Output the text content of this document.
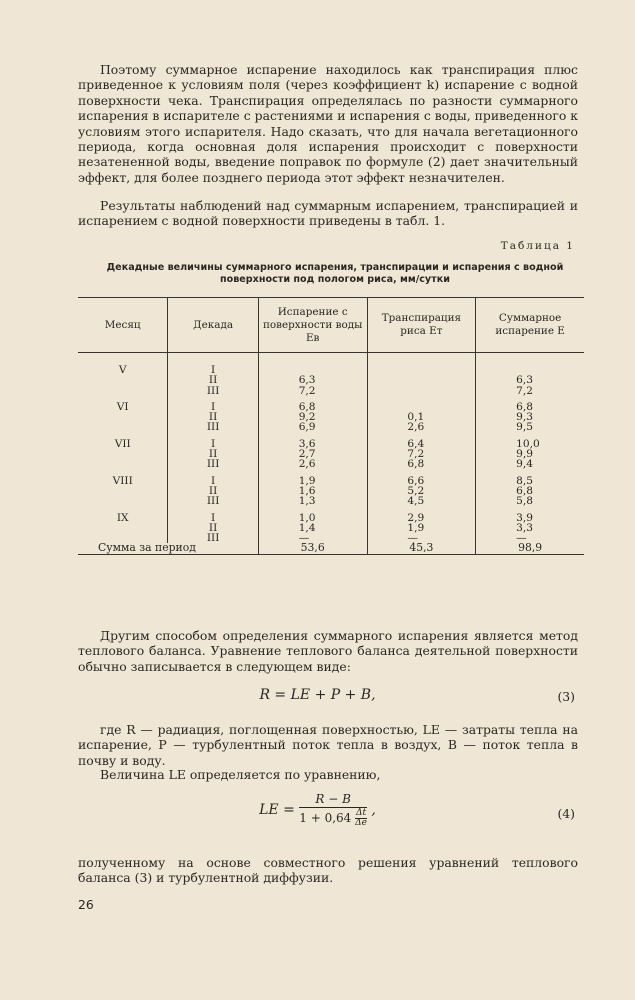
Поэтому суммарное испарение находилось как транспирация плюс приведенное к условиям поля (через коэффициент k) испарение с водной поверхности чека. Транспирация определялась по разности суммарного испарения в испарителе с растениями и испарения с воды, приведенного к условиям этого испарителя. Надо сказать, что для начала вегетационного периода, когда основная доля испарения происходит с поверхности незатененной воды, введение поправок по формуле (2) дает значительный эффект, для более позднего периода этот эффект незначителен.

Результаты наблюдений над суммарным испарением, транспирацией и испарением с водной поверхности приведены в табл. 1.

Таблица 1
Декадные величины суммарного испарения, транспирации и испарения с водной поверхности под пологом риса, мм/сутки
Месяц	Декада	Испарение с поверхности воды Eв	Транспирация риса Eт	Суммарное испарение E

V	I			
	II	6,3		6,3
	III	7,2		7,2
VI	I	6,8		6,8
	II	9,2	0,1	9,3
	III	6,9	2,6	9,5
VII	I	3,6	6,4	10,0
	II	2,7	7,2	9,9
	III	2,6	6,8	9,4
VIII	I	1,9	6,6	8,5
	II	1,6	5,2	6,8
	III	1,3	4,5	5,8
IX	I	1,0	2,9	3,9
	II	1,4	1,9	3,3
	III	—	—	—
Сумма за период		53,6	45,3	98,9

Другим способом определения суммарного испарения является метод теплового баланса. Уравнение теплового баланса деятельной поверхности обычно записывается в следующем виде:

R = LE + P + B,	(3)

где R — радиация, поглощенная поверхностью, LE — затраты тепла на испарение, P — турбулентный поток тепла в воздух, B — поток тепла в почву и воду.

Величина LE определяется по уравнению,

LE = $\frac{R - B}{1 + 0,64 \frac{\Delta t}{\Delta e}}$ ,	(4)

полученному на основе совместного решения уравнений теплового баланса (3) и турбулентной диффузии.

26
